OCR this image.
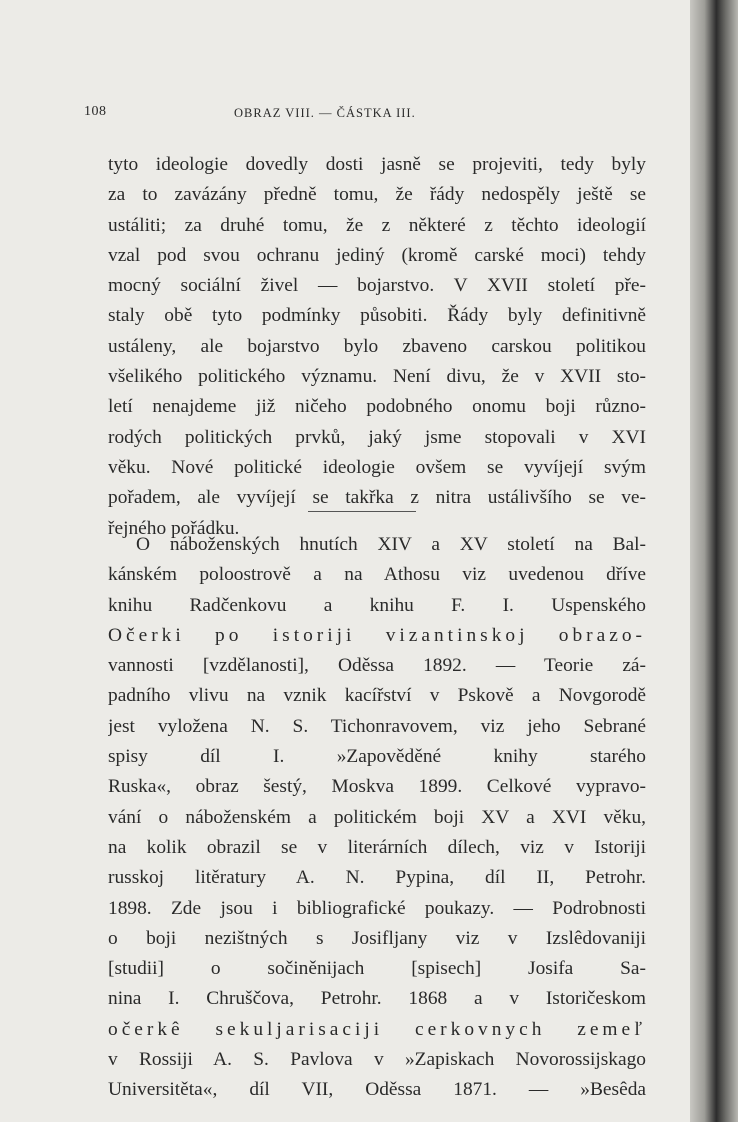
108	OBRAZ VIII. — ČÁSTKA III.
tyto ideologie dovedly dosti jasně se projeviti, tedy byly
za to zavázány předně tomu, že řády nedospěly ještě se
ustáliti; za druhé tomu, že z některé z těchto ideologií
vzal pod svou ochranu jediný (kromě carské moci) tehdy
mocný sociální živel — bojarstvo. V XVII století pře-
staly obě tyto podmínky působiti. Řády byly definitivně
ustáleny, ale bojarstvo bylo zbaveno carskou politikou
všelikého politického významu. Není divu, že v XVII sto-
letí nenajdeme již ničeho podobného onomu boji různo-
rodých politických prvků, jaký jsme stopovali v XVI
věku. Nové politické ideologie ovšem se vyvíjejí svým
pořadem, ale vyvíjejí se takřka z nitra ustálivšího se ve-
řejného pořádku.
O náboženských hnutích XIV a XV století na Bal-
kánském poloostrově a na Athosu viz uvedenou dříve
knihu Radčenkovu a knihu F. I. Uspenského
Očerki po istoriji vizantinskoj obrazo-
vannosti [vzdělanosti], Oděssa 1892. — Teorie zá-
padního vlivu na vznik kacířství v Pskově a Novgorodě
jest vyložena N. S. Tichonravovem, viz jeho Sebrané
spisy díl I. »Zapověděné knihy starého
Ruska«, obraz šestý, Moskva 1899. Celkové vypravo-
vání o náboženském a politickém boji XV a XVI věku,
na kolik obrazil se v literárních dílech, viz v Istoriji
russkoj litěratury A. N. Pypina, díl II, Petrohr.
1898. Zde jsou i bibliografické poukazy. — Podrobnosti
o boji nezištných s Josifljany viz v Izslêdovaniji
[studii] o sočiněnijach [spisech] Josifa Sa-
nina I. Chruščova, Petrohr. 1868 a v Istoričeskom
očerkê sekuljarisaciji cerkovnych zemeľ
v Rossiji A. S. Pavlova v »Zapiskach Novorossijskago
Universitěta«, díl VII, Oděssa 1871. — »Besêda
